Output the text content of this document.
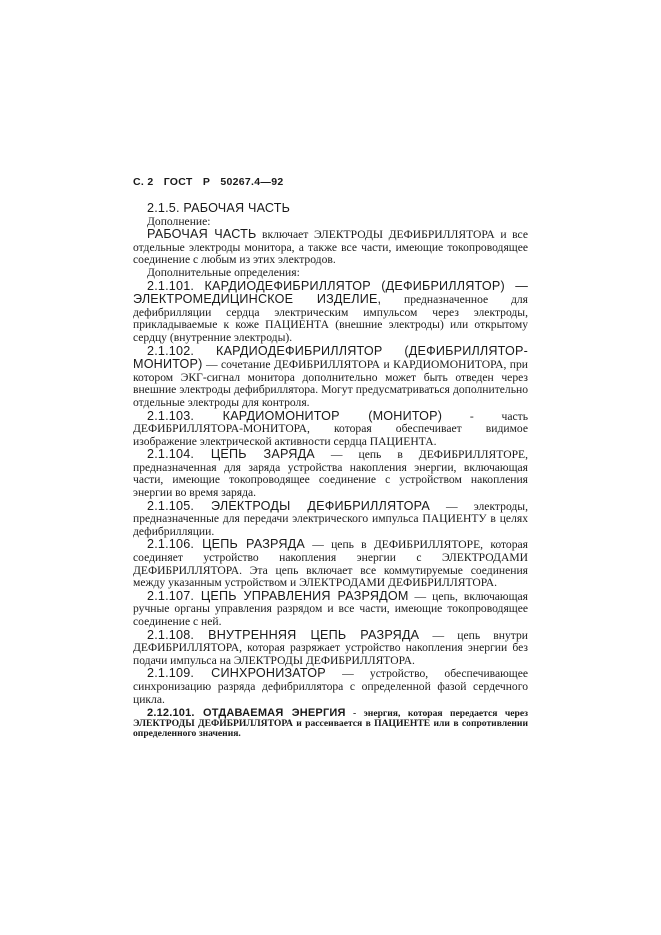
С. 2 ГОСТ Р 50267.4—92

2.1.5. РАБОЧАЯ ЧАСТЬ

Дополнение:

РАБОЧАЯ ЧАСТЬ включает ЭЛЕКТРОДЫ ДЕФИБРИЛЛЯТОРА и все отдельные электроды монитора, а также все части, имеющие токопроводящее соединение с любым из этих электродов.

Дополнительные определения:

2.1.101. КАРДИОДЕФИБРИЛЛЯТОР (ДЕФИБРИЛЛЯТОР) — ЭЛЕКТРОМЕДИЦИНСКОЕ ИЗДЕЛИЕ, предназначенное для дефибрилляции сердца электрическим импульсом через электроды, прикладываемые к коже ПАЦИЕНТА (внешние электроды) или открытому сердцу (внутренние электроды).

2.1.102. КАРДИОДЕФИБРИЛЛЯТОР (ДЕФИБРИЛЛЯТОР-МОНИТОР) — сочетание ДЕФИБРИЛЛЯТОРА и КАРДИОМОНИТОРА, при котором ЭКГ-сигнал монитора дополнительно может быть отведен через внешние электроды дефибриллятора. Могут предусматриваться дополнительно отдельные электроды для контроля.

2.1.103. КАРДИОМОНИТОР (МОНИТОР) - часть ДЕФИБРИЛЛЯТОРА-МОНИТОРА, которая обеспечивает видимое изображение электрической активности сердца ПАЦИЕНТА.

2.1.104. ЦЕПЬ ЗАРЯДА — цепь в ДЕФИБРИЛЛЯТОРЕ, предназначенная для заряда устройства накопления энергии, включающая части, имеющие токопроводящее соединение с устройством накопления энергии во время заряда.

2.1.105. ЭЛЕКТРОДЫ ДЕФИБРИЛЛЯТОРА — электроды, предназначенные для передачи электрического импульса ПАЦИЕНТУ в целях дефибрилляции.

2.1.106. ЦЕПЬ РАЗРЯДА — цепь в ДЕФИБРИЛЛЯТОРЕ, которая соединяет устройство накопления энергии с ЭЛЕКТРОДАМИ ДЕФИБРИЛЛЯТОРА. Эта цепь включает все коммутируемые соединения между указанным устройством и ЭЛЕКТРОДАМИ ДЕФИБРИЛЛЯТОРА.

2.1.107. ЦЕПЬ УПРАВЛЕНИЯ РАЗРЯДОМ — цепь, включающая ручные органы управления разрядом и все части, имеющие токопроводящее соединение с ней.

2.1.108. ВНУТРЕННЯЯ ЦЕПЬ РАЗРЯДА — цепь внутри ДЕФИБРИЛЛЯТОРА, которая разряжает устройство накопления энергии без подачи импульса на ЭЛЕКТРОДЫ ДЕФИБРИЛЛЯТОРА.

2.1.109. СИНХРОНИЗАТОР — устройство, обеспечивающее синхронизацию разряда дефибриллятора с определенной фазой сердечного цикла.

2.12.101. ОТДАВАЕМАЯ ЭНЕРГИЯ - энергия, которая передается через ЭЛЕКТРОДЫ ДЕФИБРИЛЛЯТОРА и рассеивается в ПАЦИЕНТЕ или в сопротивлении определенного значения.
